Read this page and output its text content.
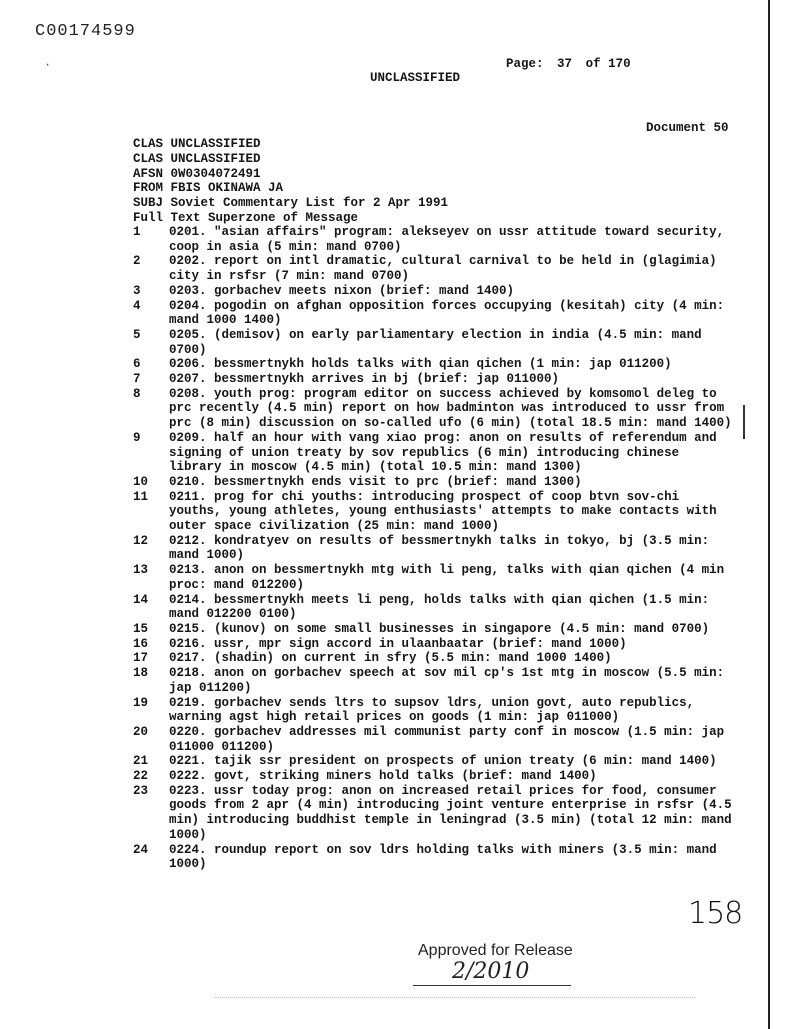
C00174599
·	Page: 37 of 170
UNCLASSIFIED
Document 50
CLAS UNCLASSIFIED
CLAS UNCLASSIFIED
AFSN 0W0304072491
FROM FBIS OKINAWA JA
SUBJ Soviet Commentary List for 2 Apr 1991
Full Text Superzone of Message
1 0201. "asian affairs" program: alekseyev on ussr attitude toward security, coop in asia (5 min: mand 0700)
2 0202. report on intl dramatic, cultural carnival to be held in (glagimia) city in rsfsr (7 min: mand 0700)
3 0203. gorbachev meets nixon (brief: mand 1400)
4 0204. pogodin on afghan opposition forces occupying (kesitah) city (4 min: mand 1000 1400)
5 0205. (demisov) on early parliamentary election in india (4.5 min: mand 0700)
6 0206. bessmertnykh holds talks with qian qichen (1 min: jap 011200)
7 0207. bessmertnykh arrives in bj (brief: jap 011000)
8 0208. youth prog: program editor on success achieved by komsomol deleg to prc recently (4.5 min) report on how badminton was introduced to ussr from prc (8 min) discussion on so-called ufo (6 min) (total 18.5 min: mand 1400)
9 0209. half an hour with vang xiao prog: anon on results of referendum and signing of union treaty by sov republics (6 min) introducing chinese library in moscow (4.5 min) (total 10.5 min: mand 1300)
10 0210. bessmertnykh ends visit to prc (brief: mand 1300)
11 0211. prog for chi youths: introducing prospect of coop btvn sov-chi youths, young athletes, young enthusiasts' attempts to make contacts with outer space civilization (25 min: mand 1000)
12 0212. kondratyev on results of bessmertnykh talks in tokyo, bj (3.5 min: mand 1000)
13 0213. anon on bessmertnykh mtg with li peng, talks with qian qichen (4 min proc: mand 012200)
14 0214. bessmertnykh meets li peng, holds talks with qian qichen (1.5 min: mand 012200 0100)
15 0215. (kunov) on some small businesses in singapore (4.5 min: mand 0700)
16 0216. ussr, mpr sign accord in ulaanbaatar (brief: mand 1000)
17 0217. (shadin) on current in sfry (5.5 min: mand 1000 1400)
18 0218. anon on gorbachev speech at sov mil cp's 1st mtg in moscow (5.5 min: jap 011200)
19 0219. gorbachev sends ltrs to supsov ldrs, union govt, auto republics, warning agst high retail prices on goods (1 min: jap 011000)
20 0220. gorbachev addresses mil communist party conf in moscow (1.5 min: jap 011000 011200)
21 0221. tajik ssr president on prospects of union treaty (6 min: mand 1400)
22 0222. govt, striking miners hold talks (brief: mand 1400)
23 0223. ussr today prog: anon on increased retail prices for food, consumer goods from 2 apr (4 min) introducing joint venture enterprise in rsfsr (4.5 min) introducing buddhist temple in leningrad (3.5 min) (total 12 min: mand 1000)
24 0224. roundup report on sov ldrs holding talks with miners (3.5 min: mand 1000)
158
Approved for Release
2/2010
